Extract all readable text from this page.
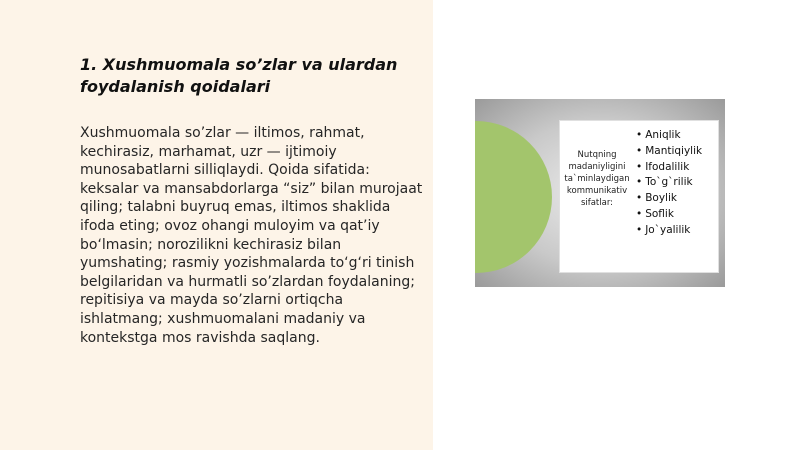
1. Xushmuomala so’zlar va ulardan foydalanish qoidalari

Xushmuomala so’zlar — iltimos, rahmat, kechirasiz, marhamat, uzr — ijtimoiy munosabatlarni silliqlaydi. Qoida sifatida: keksalar va mansabdorlarga “siz” bilan murojaat qiling; talabni buyruq emas, iltimos shaklida ifoda eting; ovoz ohangi muloyim va qat’iy bo‘lmasin; norozilikni kechirasiz bilan yumshating; rasmiy yozishmalarda to‘g‘ri tinish belgilaridan va hurmatli so’zlardan foydalaning; repitisiya va mayda so’zlarni ortiqcha ishlatmang; xushmuomalani madaniy va kontekstga mos ravishda saqlang.

Nutqning madaniyligini ta`minlaydigan kommunikativ sifatlar:
• Aniqlik
• Mantiqiylik
• Ifodalilik
• To`g`rilik
• Boylik
• Soflik
• Jo`yalilik
